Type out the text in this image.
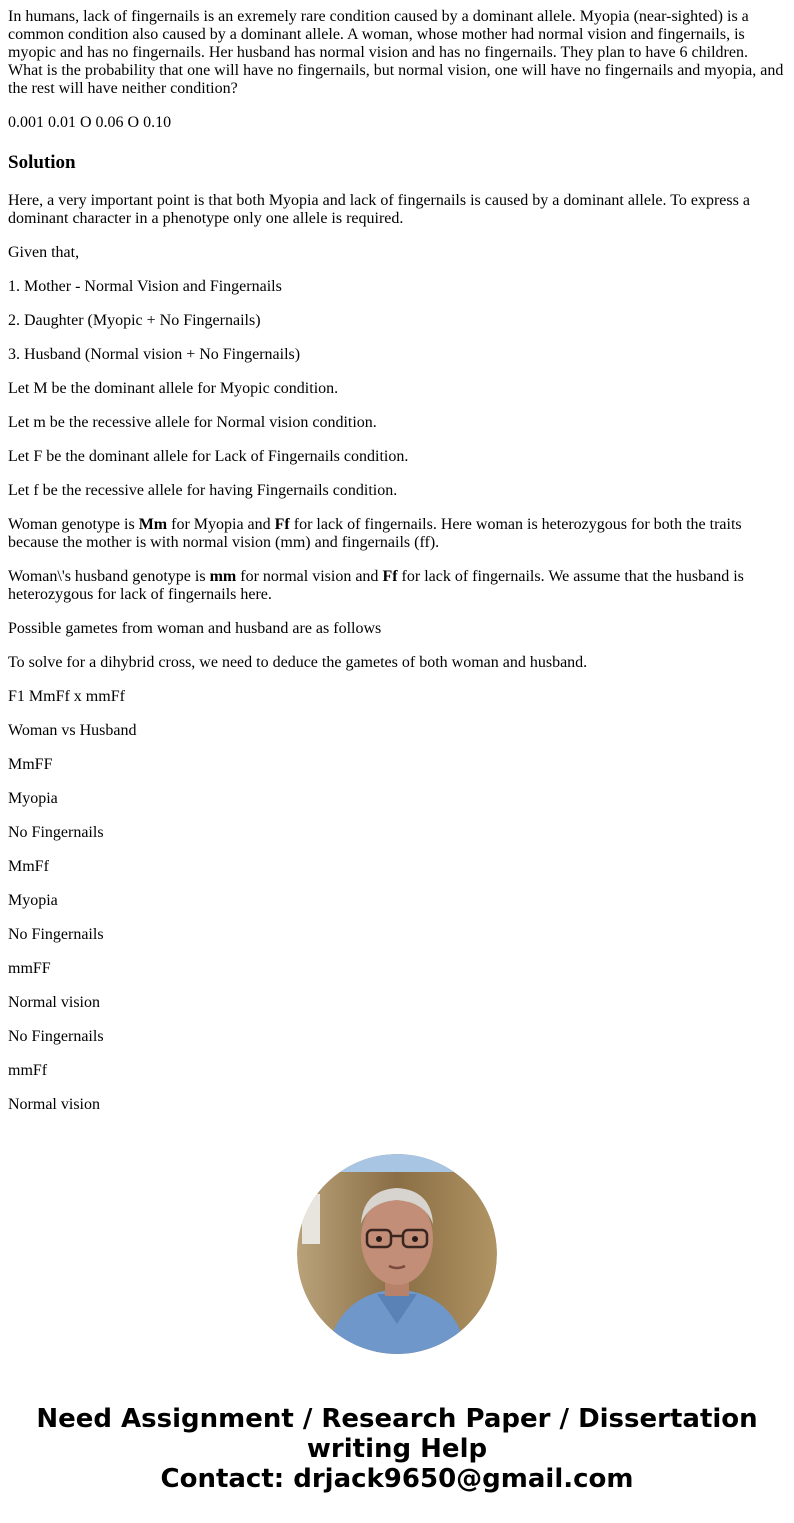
In humans, lack of fingernails is an exremely rare condition caused by a dominant allele. Myopia (near-sighted) is a common condition also caused by a dominant allele. A woman, whose mother had normal vision and fingernails, is myopic and has no fingernails. Her husband has normal vision and has no fingernails. They plan to have 6 children. What is the probability that one will have no fingernails, but normal vision, one will have no fingernails and myopia, and the rest will have neither condition?

0.001 0.01 O 0.06 O 0.10

Solution

Here, a very important point is that both Myopia and lack of fingernails is caused by a dominant allele. To express a dominant character in a phenotype only one allele is required.

Given that,

1. Mother - Normal Vision and Fingernails

2. Daughter (Myopic + No Fingernails)

3. Husband (Normal vision + No Fingernails)

Let M be the dominant allele for Myopic condition.

Let m be the recessive allele for Normal vision condition.

Let F be the dominant allele for Lack of Fingernails condition.

Let f be the recessive allele for having Fingernails condition.

Woman genotype is Mm for Myopia and Ff for lack of fingernails. Here woman is heterozygous for both the traits because the mother is with normal vision (mm) and fingernails (ff).

Woman\'s husband genotype is mm for normal vision and Ff for lack of fingernails. We assume that the husband is heterozygous for lack of fingernails here.

Possible gametes from woman and husband are as follows

To solve for a dihybrid cross, we need to deduce the gametes of both woman and husband.

F1 MmFf x mmFf

Woman vs Husband

MmFF

Myopia

No Fingernails

MmFf

Myopia

No Fingernails

mmFF

Normal vision

No Fingernails

mmFf

Normal vision

Need Assignment / Research Paper / Dissertation
writing Help
Contact: drjack9650@gmail.com
